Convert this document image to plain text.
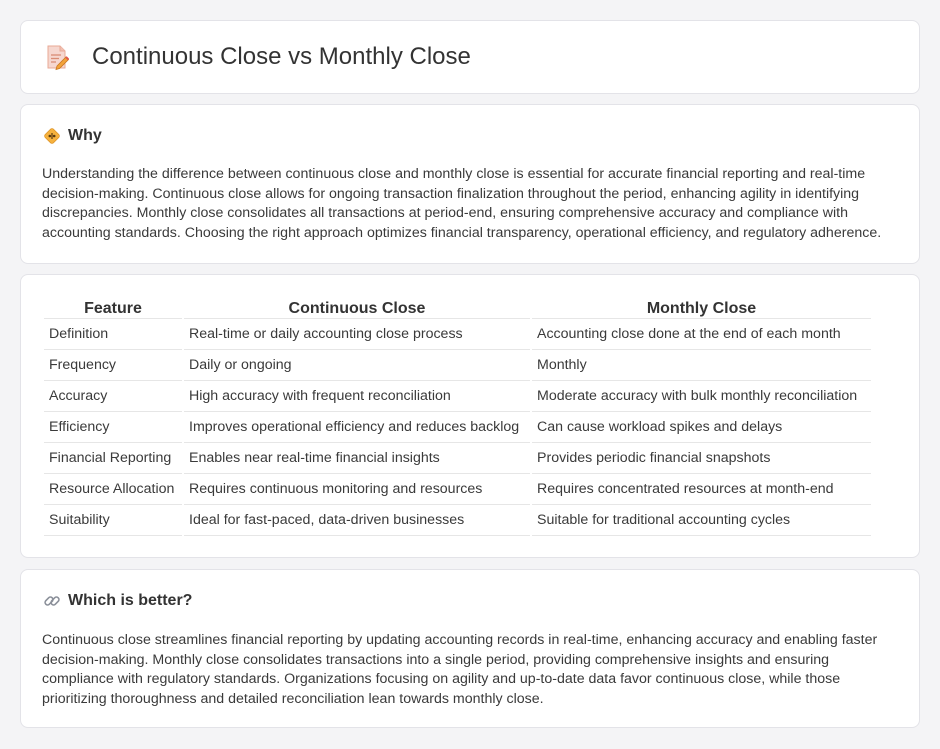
Continuous Close vs Monthly Close
Why

Understanding the difference between continuous close and monthly close is essential for accurate financial reporting and real-time decision-making. Continuous close allows for ongoing transaction finalization throughout the period, enhancing agility in identifying discrepancies. Monthly close consolidates all transactions at period-end, ensuring comprehensive accuracy and compliance with accounting standards. Choosing the right approach optimizes financial transparency, operational efficiency, and regulatory adherence.

Feature	Continuous Close	Monthly Close
Definition	Real-time or daily accounting close process	Accounting close done at the end of each month
Frequency	Daily or ongoing	Monthly
Accuracy	High accuracy with frequent reconciliation	Moderate accuracy with bulk monthly reconciliation
Efficiency	Improves operational efficiency and reduces backlog	Can cause workload spikes and delays
Financial Reporting	Enables near real-time financial insights	Provides periodic financial snapshots
Resource Allocation	Requires continuous monitoring and resources	Requires concentrated resources at month-end
Suitability	Ideal for fast-paced, data-driven businesses	Suitable for traditional accounting cycles
Which is better?

Continuous close streamlines financial reporting by updating accounting records in real-time, enhancing accuracy and enabling faster decision-making. Monthly close consolidates transactions into a single period, providing comprehensive insights and ensuring compliance with regulatory standards. Organizations focusing on agility and up-to-date data favor continuous close, while those prioritizing thoroughness and detailed reconciliation lean towards monthly close.
